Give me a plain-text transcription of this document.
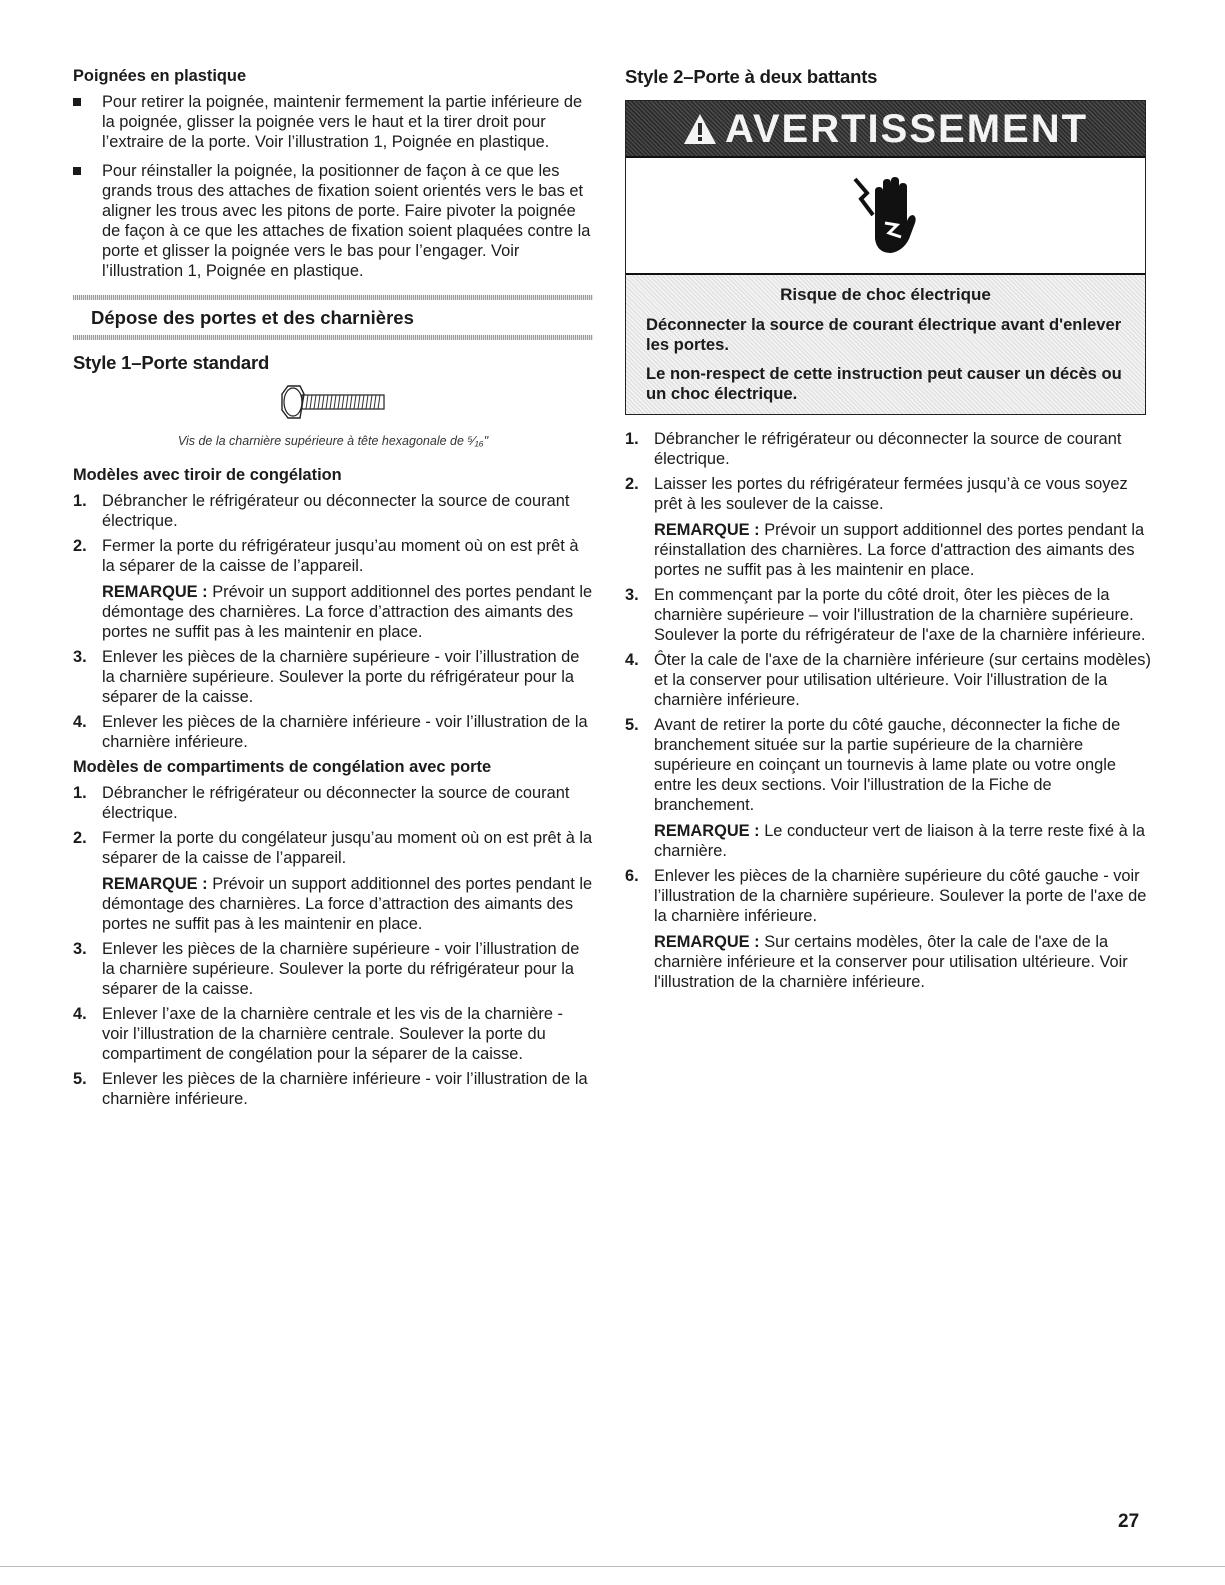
Poignées en plastique
Pour retirer la poignée, maintenir fermement la partie inférieure de la poignée, glisser la poignée vers le haut et la tirer droit pour l’extraire de la porte. Voir l’illustration 1, Poignée en plastique.
Pour réinstaller la poignée, la positionner de façon à ce que les grands trous des attaches de fixation soient orientés vers le bas et aligner les trous avec les pitons de porte. Faire pivoter la poignée de façon à ce que les attaches de fixation soient plaquées contre la porte et glisser la poignée vers le bas pour l’engager. Voir l’illustration 1, Poignée en plastique.
Dépose des portes et des charnières
Style 1–Porte standard
Vis de la charnière supérieure à tête hexagonale de ⁵⁄₁₆"
Modèles avec tiroir de congélation
1. Débrancher le réfrigérateur ou déconnecter la source de courant électrique.
2. Fermer la porte du réfrigérateur jusqu’au moment où on est prêt à la séparer de la caisse de l’appareil.

REMARQUE : Prévoir un support additionnel des portes pendant le démontage des charnières. La force d’attraction des aimants des portes ne suffit pas à les maintenir en place.

3. Enlever les pièces de la charnière supérieure - voir l’illustration de la charnière supérieure. Soulever la porte du réfrigérateur pour la séparer de la caisse.
4. Enlever les pièces de la charnière inférieure - voir l’illustration de la charnière inférieure.
Modèles de compartiments de congélation avec porte
1. Débrancher le réfrigérateur ou déconnecter la source de courant électrique.
2. Fermer la porte du congélateur jusqu’au moment où on est prêt à la séparer de la caisse de l’appareil.

REMARQUE : Prévoir un support additionnel des portes pendant le démontage des charnières. La force d’attraction des aimants des portes ne suffit pas à les maintenir en place.

3. Enlever les pièces de la charnière supérieure - voir l’illustration de la charnière supérieure. Soulever la porte du réfrigérateur pour la séparer de la caisse.
4. Enlever l’axe de la charnière centrale et les vis de la charnière - voir l’illustration de la charnière centrale. Soulever la porte du compartiment de congélation pour la séparer de la caisse.
5. Enlever les pièces de la charnière inférieure - voir l’illustration de la charnière inférieure.
Style 2–Porte à deux battants
AVERTISSEMENT
Risque de choc électrique

Déconnecter la source de courant électrique avant d'enlever les portes.

Le non-respect de cette instruction peut causer un décès ou un choc électrique.

1. Débrancher le réfrigérateur ou déconnecter la source de courant électrique.
2. Laisser les portes du réfrigérateur fermées jusqu’à ce vous soyez prêt à les soulever de la caisse.

REMARQUE : Prévoir un support additionnel des portes pendant la réinstallation des charnières. La force d'attraction des aimants des portes ne suffit pas à les maintenir en place.

3. En commençant par la porte du côté droit, ôter les pièces de la charnière supérieure – voir l'illustration de la charnière supérieure. Soulever la porte du réfrigérateur de l'axe de la charnière inférieure.
4. Ôter la cale de l'axe de la charnière inférieure (sur certains modèles) et la conserver pour utilisation ultérieure. Voir l'illustration de la charnière inférieure.
5. Avant de retirer la porte du côté gauche, déconnecter la fiche de branchement située sur la partie supérieure de la charnière supérieure en coinçant un tournevis à lame plate ou votre ongle entre les deux sections. Voir l'illustration de la Fiche de branchement.

REMARQUE : Le conducteur vert de liaison à la terre reste fixé à la charnière.

6. Enlever les pièces de la charnière supérieure du côté gauche - voir l’illustration de la charnière supérieure. Soulever la porte de l'axe de la charnière inférieure.

REMARQUE : Sur certains modèles, ôter la cale de l'axe de la charnière inférieure et la conserver pour utilisation ultérieure. Voir l'illustration de la charnière inférieure.

27
